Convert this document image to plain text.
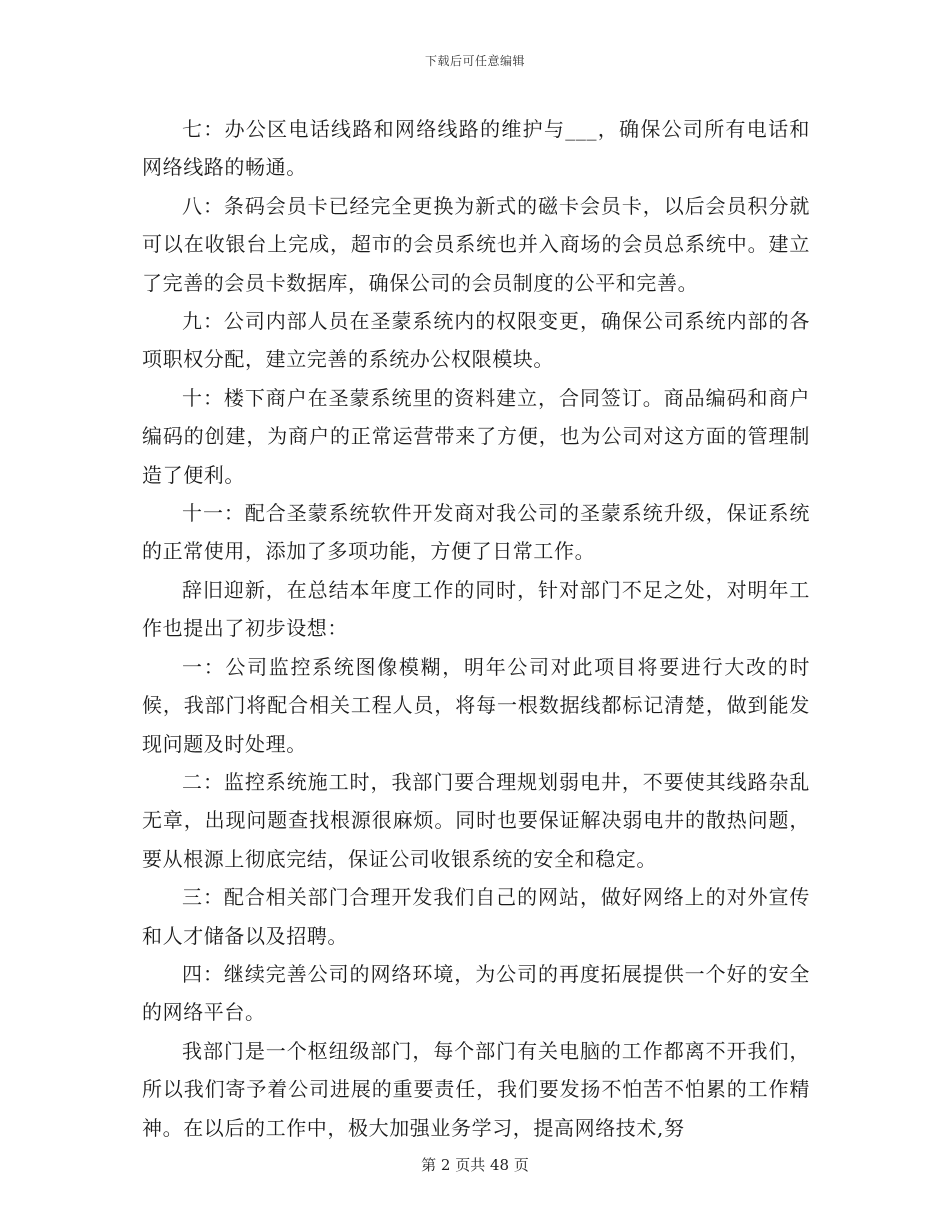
下载后可任意编辑

七：办公区电话线路和网络线路的维护与___，确保公司所有电话和网络线路的畅通。

八：条码会员卡已经完全更换为新式的磁卡会员卡，以后会员积分就可以在收银台上完成，超市的会员系统也并入商场的会员总系统中。建立了完善的会员卡数据库，确保公司的会员制度的公平和完善。

九：公司内部人员在圣蒙系统内的权限变更，确保公司系统内部的各项职权分配，建立完善的系统办公权限模块。

十：楼下商户在圣蒙系统里的资料建立，合同签订。商品编码和商户编码的创建，为商户的正常运营带来了方便，也为公司对这方面的管理制造了便利。

十一：配合圣蒙系统软件开发商对我公司的圣蒙系统升级，保证系统的正常使用，添加了多项功能，方便了日常工作。

辞旧迎新，在总结本年度工作的同时，针对部门不足之处，对明年工作也提出了初步设想：

一：公司监控系统图像模糊，明年公司对此项目将要进行大改的时候，我部门将配合相关工程人员，将每一根数据线都标记清楚，做到能发现问题及时处理。

二：监控系统施工时，我部门要合理规划弱电井，不要使其线路杂乱无章，出现问题查找根源很麻烦。同时也要保证解决弱电井的散热问题，要从根源上彻底完结，保证公司收银系统的安全和稳定。

三：配合相关部门合理开发我们自己的网站，做好网络上的对外宣传和人才储备以及招聘。

四：继续完善公司的网络环境，为公司的再度拓展提供一个好的安全的网络平台。

我部门是一个枢纽级部门，每个部门有关电脑的工作都离不开我们，所以我们寄予着公司进展的重要责任，我们要发扬不怕苦不怕累的工作精神。在以后的工作中，极大加强业务学习，提高网络技术,努

第 2 页共 48 页
